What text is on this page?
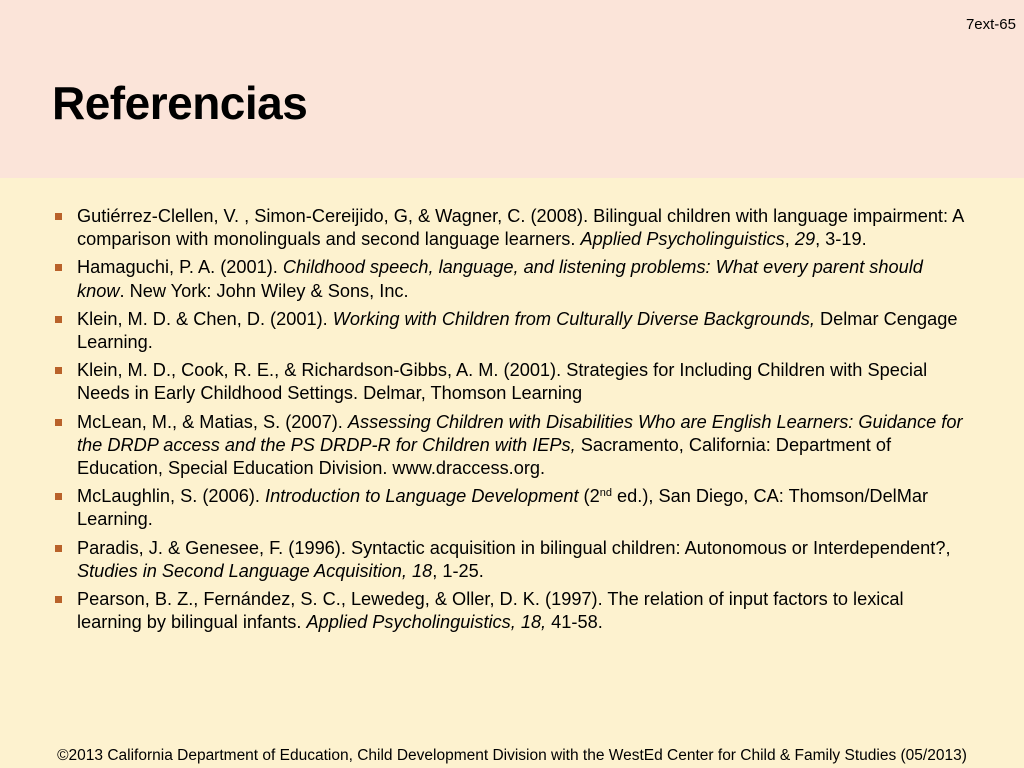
7ext-65
Referencias
Gutiérrez-Clellen, V. , Simon-Cereijido, G, & Wagner, C. (2008). Bilingual children with language impairment: A comparison with monolinguals and second language learners. Applied Psycholinguistics, 29, 3-19.
Hamaguchi, P. A. (2001). Childhood speech, language, and listening problems: What every parent should know. New York: John Wiley & Sons, Inc.
Klein, M. D. & Chen, D. (2001). Working with Children from Culturally Diverse Backgrounds, Delmar Cengage Learning.
Klein, M. D., Cook, R. E., & Richardson-Gibbs, A. M. (2001). Strategies for Including Children with Special Needs in Early Childhood Settings. Delmar, Thomson Learning
McLean, M., & Matias, S. (2007). Assessing Children with Disabilities Who are English Learners: Guidance for the DRDP access and the PS DRDP-R for Children with IEPs, Sacramento, California: Department of Education, Special Education Division. www.draccess.org.
McLaughlin, S. (2006). Introduction to Language Development (2nd ed.), San Diego, CA: Thomson/DelMar Learning.
Paradis, J. & Genesee, F. (1996). Syntactic acquisition in bilingual children: Autonomous or Interdependent?, Studies in Second Language Acquisition, 18, 1-25.
Pearson, B. Z., Fernández, S. C., Lewedeg, & Oller, D. K. (1997). The relation of input factors to lexical learning by bilingual infants. Applied Psycholinguistics, 18, 41-58.
©2013 California Department of Education, Child Development Division with the WestEd Center for Child & Family Studies (05/2013)
